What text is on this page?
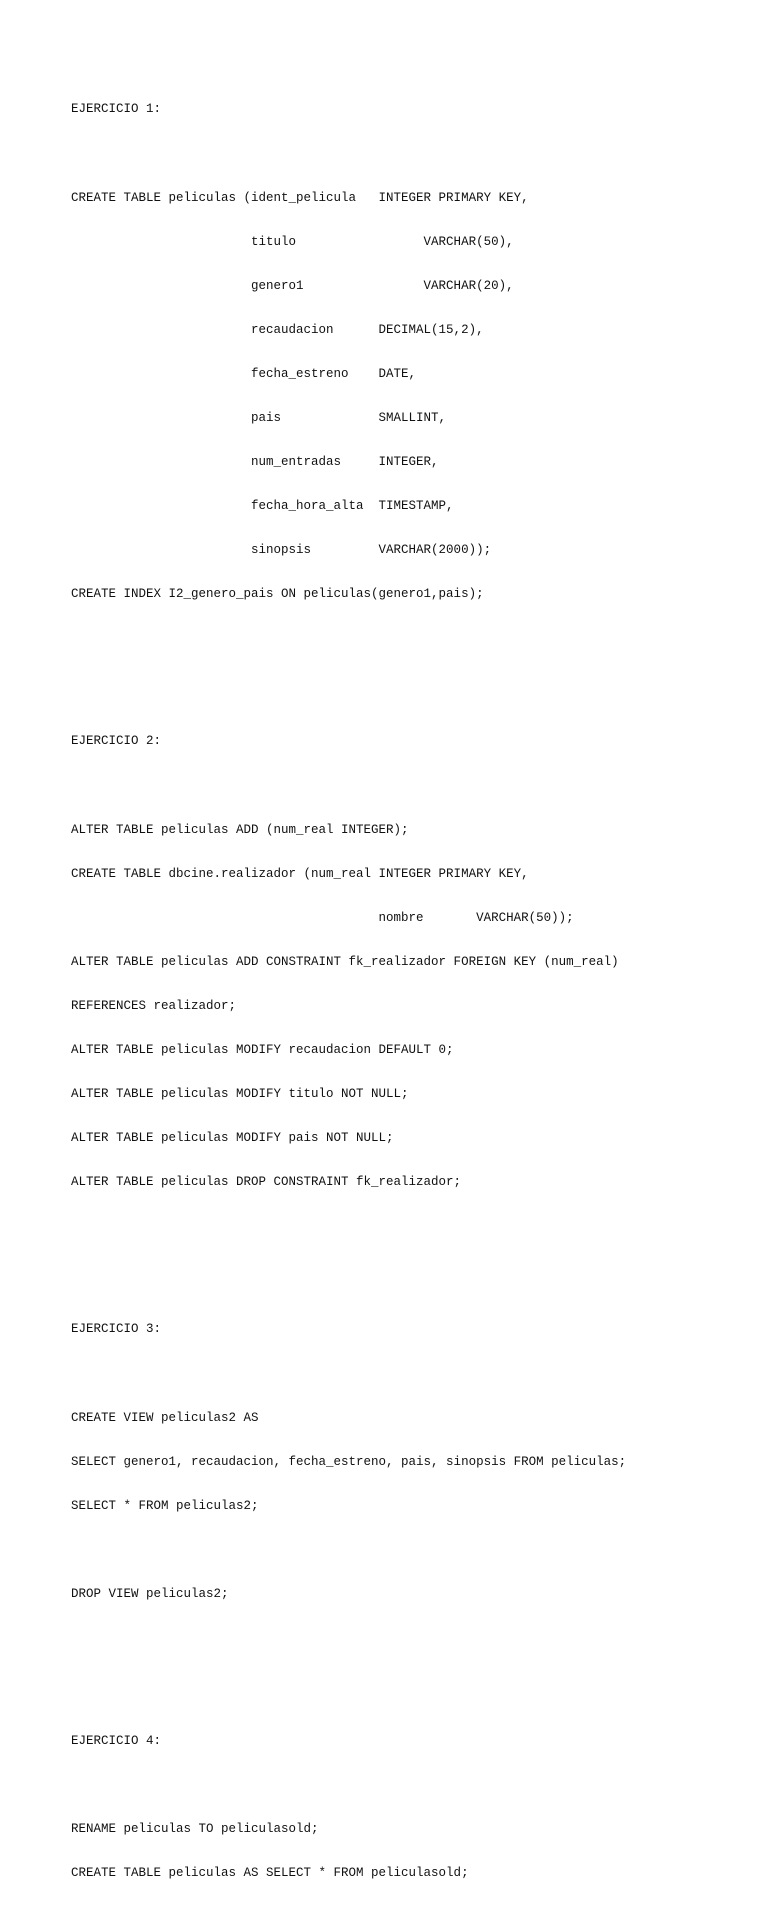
EJERCICIO 1:

CREATE TABLE peliculas (ident_pelicula   INTEGER PRIMARY KEY,

titulo                 VARCHAR(50),

genero1                VARCHAR(20),

recaudacion      DECIMAL(15,2),

fecha_estreno    DATE,

pais             SMALLINT,

num_entradas     INTEGER,

fecha_hora_alta  TIMESTAMP,

sinopsis         VARCHAR(2000));

CREATE INDEX I2_genero_pais ON peliculas(genero1,pais);

EJERCICIO 2:

ALTER TABLE peliculas ADD (num_real INTEGER);

CREATE TABLE dbcine.realizador (num_real INTEGER PRIMARY KEY,

nombre       VARCHAR(50));

ALTER TABLE peliculas ADD CONSTRAINT fk_realizador FOREIGN KEY (num_real)

REFERENCES realizador;

ALTER TABLE peliculas MODIFY recaudacion DEFAULT 0;

ALTER TABLE peliculas MODIFY titulo NOT NULL;

ALTER TABLE peliculas MODIFY pais NOT NULL;

ALTER TABLE peliculas DROP CONSTRAINT fk_realizador;

EJERCICIO 3:

CREATE VIEW peliculas2 AS

SELECT genero1, recaudacion, fecha_estreno, pais, sinopsis FROM peliculas;

SELECT * FROM peliculas2;

DROP VIEW peliculas2;

EJERCICIO 4:

RENAME peliculas TO peliculasold;

CREATE TABLE peliculas AS SELECT * FROM peliculasold;
